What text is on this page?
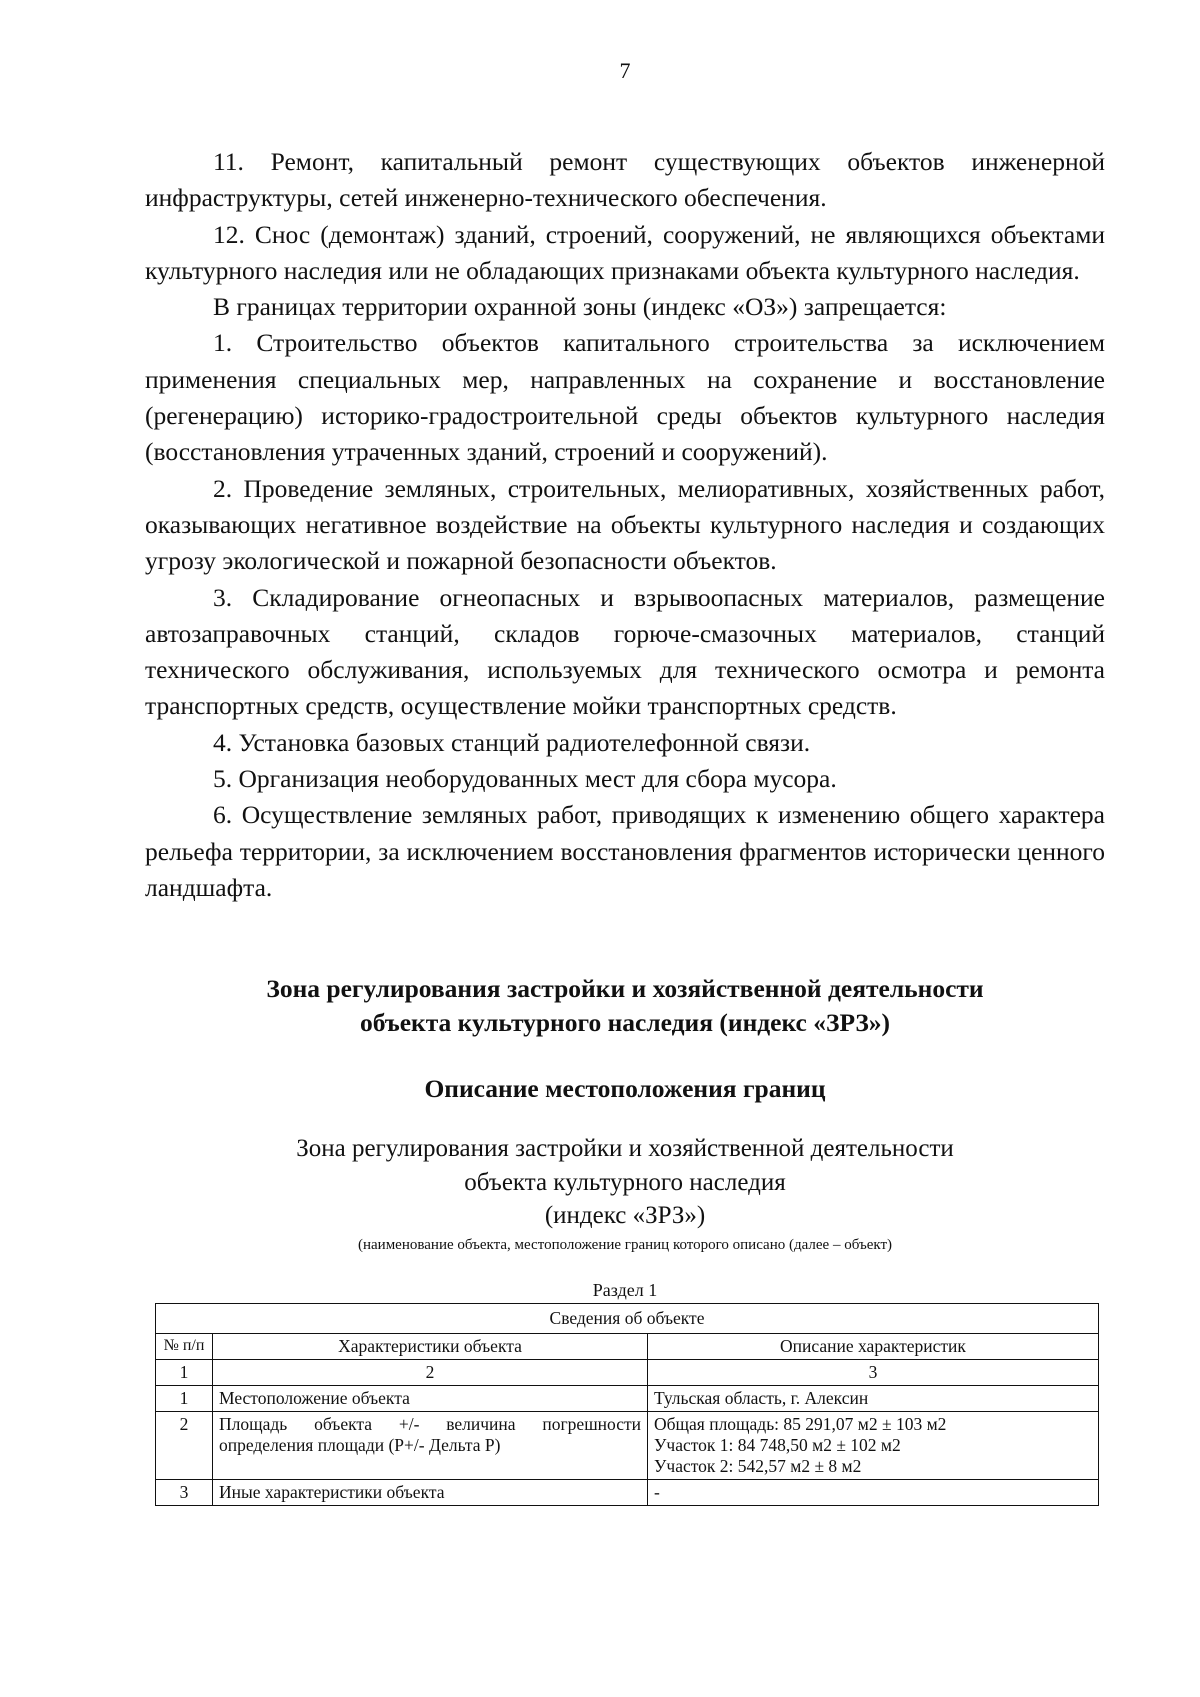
7

11. Ремонт, капитальный ремонт существующих объектов инженерной инфраструктуры, сетей инженерно-технического обеспечения.

12. Снос (демонтаж) зданий, строений, сооружений, не являющихся объектами культурного наследия или не обладающих признаками объекта культурного наследия.

В границах территории охранной зоны (индекс «ОЗ») запрещается:

1. Строительство объектов капитального строительства за исключением применения специальных мер, направленных на сохранение и восстановление (регенерацию) историко-градостроительной среды объектов культурного наследия (восстановления утраченных зданий, строений и сооружений).

2. Проведение земляных, строительных, мелиоративных, хозяйственных работ, оказывающих негативное воздействие на объекты культурного наследия и создающих угрозу экологической и пожарной безопасности объектов.

3. Складирование огнеопасных и взрывоопасных материалов, размещение автозаправочных станций, складов горюче-смазочных материалов, станций технического обслуживания, используемых для технического осмотра и ремонта транспортных средств, осуществление мойки транспортных средств.

4. Установка базовых станций радиотелефонной связи.

5. Организация необорудованных мест для сбора мусора.

6. Осуществление земляных работ, приводящих к изменению общего характера рельефа территории, за исключением восстановления фрагментов исторически ценного ландшафта.

Зона регулирования застройки и хозяйственной деятельности
объекта культурного наследия (индекс «ЗРЗ»)
Описание местоположения границ
Зона регулирования застройки и хозяйственной деятельности
объекта культурного наследия
(индекс «ЗРЗ»)
(наименование объекта, местоположение границ которого описано (далее – объект)
Раздел 1
Сведения об объекте		
№ п/п	Характеристики объекта	Описание характеристик
1	2	3
1	Местоположение объекта	Тульская область, г. Алексин

2	Площадь объекта +/- величина погрешности определения площади (Р+/- Дельта Р)	Общая площадь: 85 291,07 м2 ± 103 м2
Участок 1: 84 748,50 м2 ± 102 м2
Участок 2: 542,57 м2 ± 8 м2

3	Иные характеристики объекта	-
